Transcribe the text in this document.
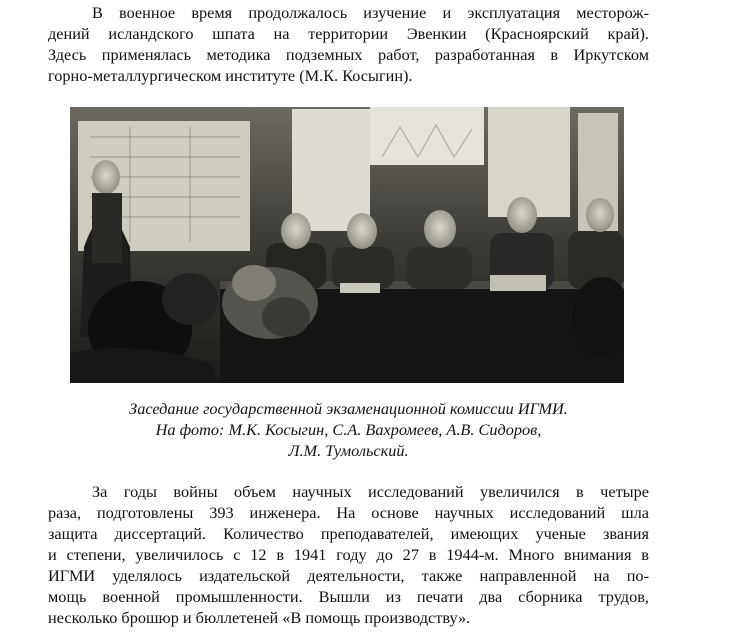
В военное время продолжалось изучение и эксплуатация месторож-
дений исландского шпата на территории Эвенкии (Красноярский край).
Здесь применялась методика подземных работ, разработанная в Иркутском
горно-металлургическом институте (М.К. Косыгин).
Заседание государственной экзаменационной комиссии ИГМИ.
На фото: М.К. Косыгин, С.А. Вахромеев, А.В. Сидоров,
Л.М. Тумольский.
За годы войны объем научных исследований увеличился в четыре
раза, подготовлены 393 инженера. На основе научных исследований шла
защита диссертаций. Количество преподавателей, имеющих ученые звания
и степени, увеличилось с 12 в 1941 году до 27 в 1944-м. Много внимания в
ИГМИ уделялось издательской деятельности, также направленной на по-
мощь военной промышленности. Вышли из печати два сборника трудов,
несколько брошюр и бюллетеней «В помощь производству».
